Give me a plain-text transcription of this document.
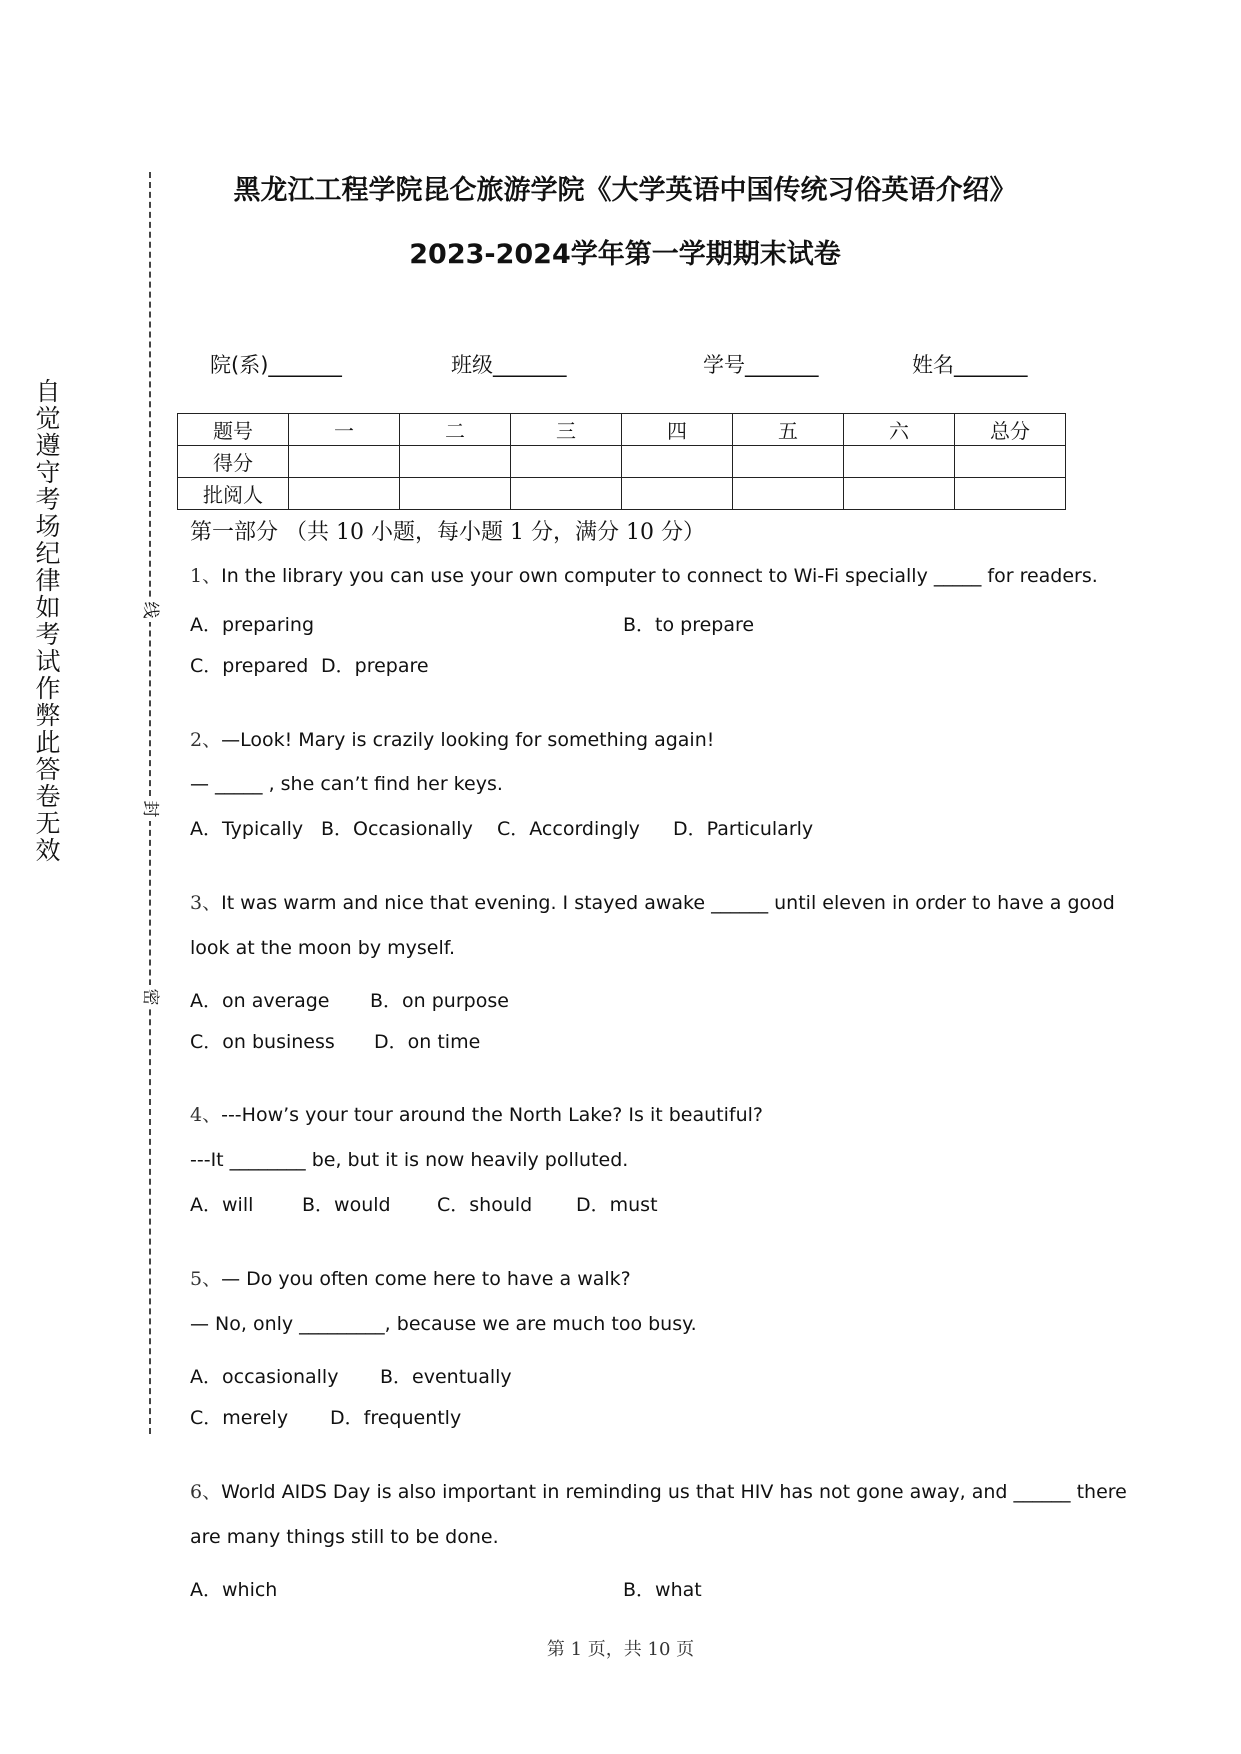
自
觉
遵
守
考
场
纪
律
如
考
试
作
弊
此
答
卷
无
效
线
封
密
黑龙江工程学院昆仑旅游学院《大学英语中国传统习俗英语介绍》
2023-2024学年第一学期期末试卷
院(系)_______	班级_______	学号_______	姓名_______
题号	一	二	三	四	五	六	总分
得分							
批阅人							
第一部分 （共 10 小题，每小题 1 分，满分 10 分）
1、In the library you can use your own computer to connect to Wi-Fi specially _____ for readers.
A．preparing	B．to prepare
C．prepared D．prepare
2、—Look! Mary is crazily looking for something again!
— _____ , she can’t find her keys.
A．Typically B．Occasionally C．Accordingly D．Particularly
3、It was warm and nice that evening. I stayed awake ______ until eleven in order to have a good
look at the moon by myself.
A．on average B．on purpose
C．on business D．on time
4、---How’s your tour around the North Lake? Is it beautiful?
---It ________ be, but it is now heavily polluted.
A．will	B．would C．should D．must
5、— Do you often come here to have a walk?
— No, only _________, because we are much too busy.
A．occasionally B．eventually
C．merely D．frequently
6、World AIDS Day is also important in reminding us that HIV has not gone away, and ______ there
are many things still to be done.
A．which	B．what
第 1 页，共 10 页
